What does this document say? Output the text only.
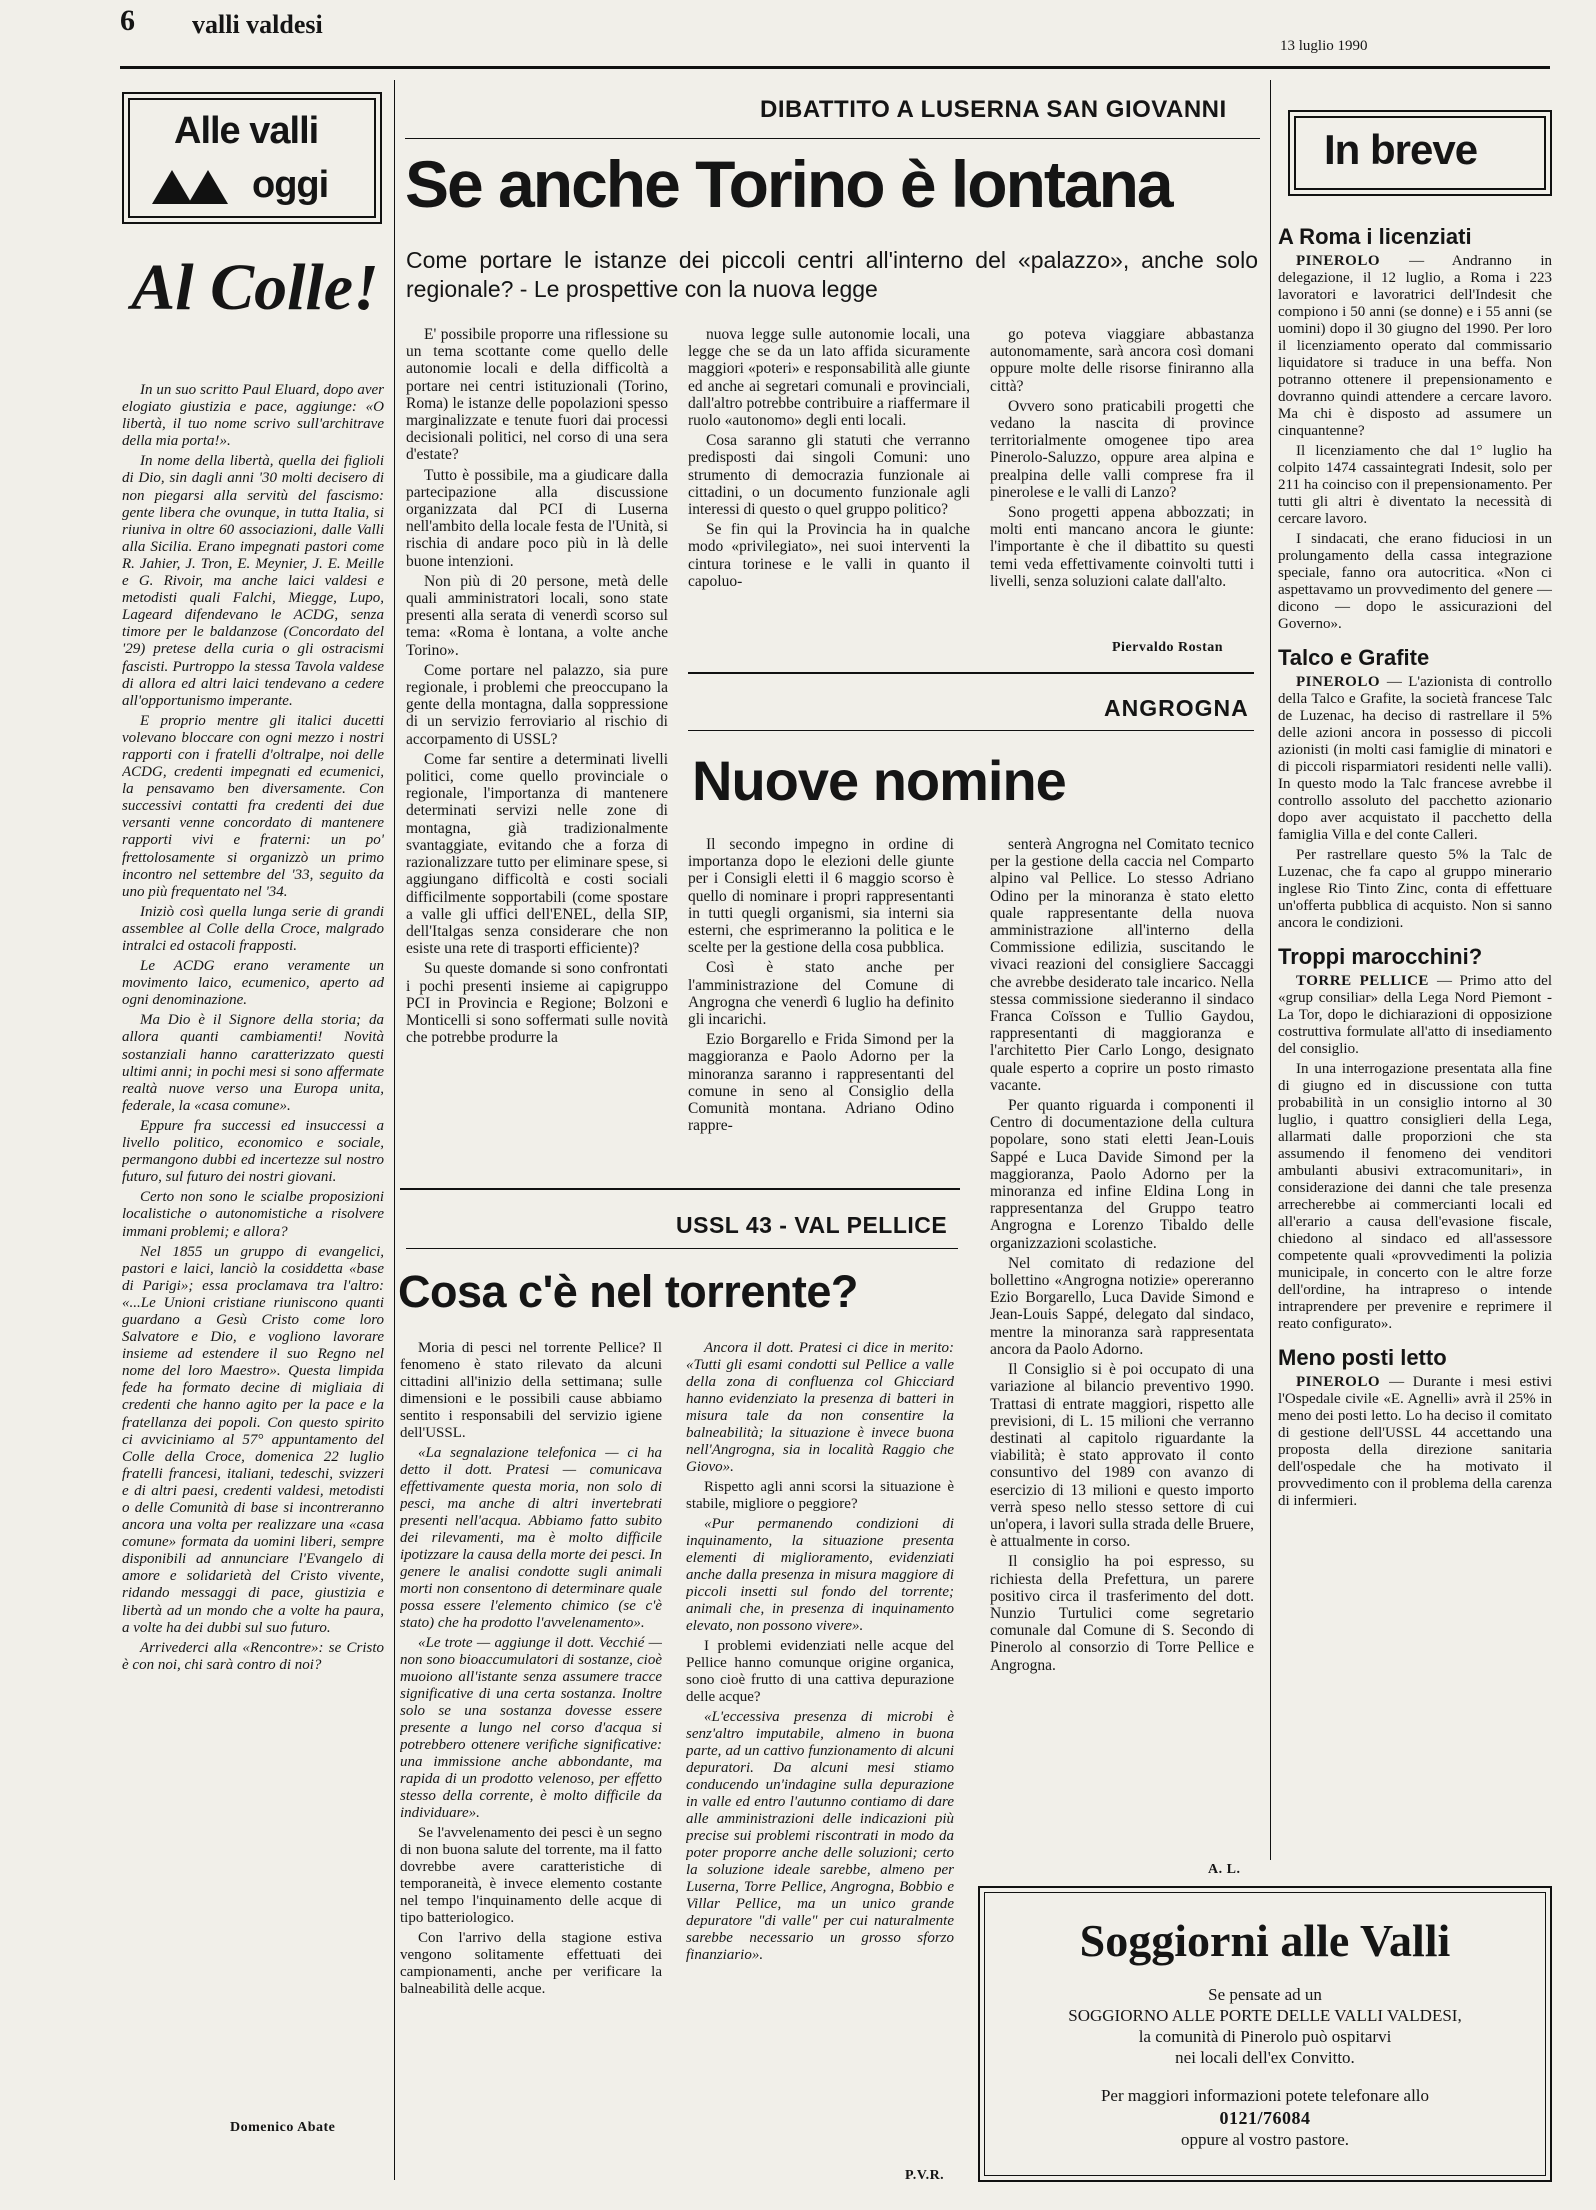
6 valli valdesi
13 luglio 1990
Alle valli
oggi
Al Colle!

In un suo scritto Paul Eluard, dopo aver elogiato giustizia e pace, aggiunge: «O libertà, il tuo nome scrivo sull'architrave della mia porta!».

In nome della libertà, quella dei figlioli di Dio, sin dagli anni '30 molti decisero di non piegarsi alla servitù del fascismo: gente libera che ovunque, in tutta Italia, si riuniva in oltre 60 associazioni, dalle Valli alla Sicilia. Erano impegnati pastori come R. Jahier, J. Tron, E. Meynier, J. E. Meille e G. Rivoir, ma anche laici valdesi e metodisti quali Falchi, Miegge, Lupo, Lageard difendevano le ACDG, senza timore per le baldanzose (Concordato del '29) pretese della curia o gli ostracismi fascisti. Purtroppo la stessa Tavola valdese di allora ed altri laici tendevano a cedere all'opportunismo imperante.

E proprio mentre gli italici ducetti volevano bloccare con ogni mezzo i nostri rapporti con i fratelli d'oltralpe, noi delle ACDG, credenti impegnati ed ecumenici, la pensavamo ben diversamente. Con successivi contatti fra credenti dei due versanti venne concordato di mantenere rapporti vivi e fraterni: un po' frettolosamente si organizzò un primo incontro nel settembre del '33, seguito da uno più frequentato nel '34.

Iniziò così quella lunga serie di grandi assemblee al Colle della Croce, malgrado intralci ed ostacoli frapposti.

Le ACDG erano veramente un movimento laico, ecumenico, aperto ad ogni denominazione.

Ma Dio è il Signore della storia; da allora quanti cambiamenti! Novità sostanziali hanno caratterizzato questi ultimi anni; in pochi mesi si sono affermate realtà nuove verso una Europa unita, federale, la «casa comune».

Eppure fra successi ed insuccessi a livello politico, economico e sociale, permangono dubbi ed incertezze sul nostro futuro, sul futuro dei nostri giovani.

Certo non sono le scialbe proposizioni localistiche o autonomistiche a risolvere immani problemi; e allora?

Nel 1855 un gruppo di evangelici, pastori e laici, lanciò la cosiddetta «base di Parigi»; essa proclamava tra l'altro: «...Le Unioni cristiane riuniscono quanti guardano a Gesù Cristo come loro Salvatore e Dio, e vogliono lavorare insieme ad estendere il suo Regno nel nome del loro Maestro». Questa limpida fede ha formato decine di migliaia di credenti che hanno agito per la pace e la fratellanza dei popoli. Con questo spirito ci avviciniamo al 57° appuntamento del Colle della Croce, domenica 22 luglio fratelli francesi, italiani, tedeschi, svizzeri e di altri paesi, credenti valdesi, metodisti o delle Comunità di base si incontreranno ancora una volta per realizzare una «casa comune» formata da uomini liberi, sempre disponibili ad annunciare l'Evangelo di amore e solidarietà del Cristo vivente, ridando messaggi di pace, giustizia e libertà ad un mondo che a volte ha paura, a volte ha dei dubbi sul suo futuro.

Arrivederci alla «Rencontre»: se Cristo è con noi, chi sarà contro di noi?

Domenico Abate
DIBATTITO A LUSERNA SAN GIOVANNI
Se anche Torino è lontana
Come portare le istanze dei piccoli centri all'interno del «palazzo», anche solo regionale? - Le prospettive con la nuova legge

E' possibile proporre una riflessione su un tema scottante come quello delle autonomie locali e della difficoltà a portare nei centri istituzionali (Torino, Roma) le istanze delle popolazioni spesso marginalizzate e tenute fuori dai processi decisionali politici, nel corso di una sera d'estate?

Tutto è possibile, ma a giudicare dalla partecipazione alla discussione organizzata dal PCI di Luserna nell'ambito della locale festa de l'Unità, si rischia di andare poco più in là delle buone intenzioni.

Non più di 20 persone, metà delle quali amministratori locali, sono state presenti alla serata di venerdì scorso sul tema: «Roma è lontana, a volte anche Torino».

Come portare nel palazzo, sia pure regionale, i problemi che preoccupano la gente della montagna, dalla soppressione di un servizio ferroviario al rischio di accorpamento di USSL?

Come far sentire a determinati livelli politici, come quello provinciale o regionale, l'importanza di mantenere determinati servizi nelle zone di montagna, già tradizionalmente svantaggiate, evitando che a forza di razionalizzare tutto per eliminare spese, si aggiungano difficoltà e costi sociali difficilmente sopportabili (come spostare a valle gli uffici dell'ENEL, della SIP, dell'Italgas senza considerare che non esiste una rete di trasporti efficiente)?

Su queste domande si sono confrontati i pochi presenti insieme ai capigruppo PCI in Provincia e Regione; Bolzoni e Monticelli si sono soffermati sulle novità che potrebbe produrre la

nuova legge sulle autonomie locali, una legge che se da un lato affida sicuramente maggiori «poteri» e responsabilità alle giunte ed anche ai segretari comunali e provinciali, dall'altro potrebbe contribuire a riaffermare il ruolo «autonomo» degli enti locali.

Cosa saranno gli statuti che verranno predisposti dai singoli Comuni: uno strumento di democrazia funzionale ai cittadini, o un documento funzionale agli interessi di questo o quel gruppo politico?

Se fin qui la Provincia ha in qualche modo «privilegiato», nei suoi interventi la cintura torinese e le valli in quanto il capoluo-

go poteva viaggiare abbastanza autonomamente, sarà ancora così domani oppure molte delle risorse finiranno alla città?

Ovvero sono praticabili progetti che vedano la nascita di province territorialmente omogenee tipo area Pinerolo-Saluzzo, oppure area alpina e prealpina delle valli comprese fra il pinerolese e le valli di Lanzo?

Sono progetti appena abbozzati; in molti enti mancano ancora le giunte: l'importante è che il dibattito su questi temi veda effettivamente coinvolti tutti i livelli, senza soluzioni calate dall'alto.

Piervaldo Rostan
ANGROGNA
Nuove nomine

Il secondo impegno in ordine di importanza dopo le elezioni delle giunte per i Consigli eletti il 6 maggio scorso è quello di nominare i propri rappresentanti in tutti quegli organismi, sia interni sia esterni, che esprimeranno la politica e le scelte per la gestione della cosa pubblica.

Così è stato anche per l'amministrazione del Comune di Angrogna che venerdì 6 luglio ha definito gli incarichi.

Ezio Borgarello e Frida Simond per la maggioranza e Paolo Adorno per la minoranza saranno i rappresentanti del comune in seno al Consiglio della Comunità montana. Adriano Odino rappre-

senterà Angrogna nel Comitato tecnico per la gestione della caccia nel Comparto alpino val Pellice. Lo stesso Adriano Odino per la minoranza è stato eletto quale rappresentante della nuova amministrazione all'interno della Commissione edilizia, suscitando le vivaci reazioni del consigliere Saccaggi che avrebbe desiderato tale incarico. Nella stessa commissione siederanno il sindaco Franca Coïsson e Tullio Gaydou, rappresentanti di maggioranza e l'architetto Pier Carlo Longo, designato quale esperto a coprire un posto rimasto vacante.

Per quanto riguarda i componenti il Centro di documentazione della cultura popolare, sono stati eletti Jean-Louis Sappé e Luca Davide Simond per la maggioranza, Paolo Adorno per la minoranza ed infine Eldina Long in rappresentanza del Gruppo teatro Angrogna e Lorenzo Tibaldo delle organizzazioni scolastiche.

Nel comitato di redazione del bollettino «Angrogna notizie» opereranno Ezio Borgarello, Luca Davide Simond e Jean-Louis Sappé, delegato dal sindaco, mentre la minoranza sarà rappresentata ancora da Paolo Adorno.

Il Consiglio si è poi occupato di una variazione al bilancio preventivo 1990. Trattasi di entrate maggiori, rispetto alle previsioni, di L. 15 milioni che verranno destinati al capitolo riguardante la viabilità; è stato approvato il conto consuntivo del 1989 con avanzo di esercizio di 13 milioni e questo importo verrà speso nello stesso settore di cui un'opera, i lavori sulla strada delle Bruere, è attualmente in corso.

Il consiglio ha poi espresso, su richiesta della Prefettura, un parere positivo circa il trasferimento del dott. Nunzio Turtulici come segretario comunale dal Comune di S. Secondo di Pinerolo al consorzio di Torre Pellice e Angrogna.

A. L.
USSL 43 - VAL PELLICE
Cosa c'è nel torrente?

Moria di pesci nel torrente Pellice? Il fenomeno è stato rilevato da alcuni cittadini all'inizio della settimana; sulle dimensioni e le possibili cause abbiamo sentito i responsabili del servizio igiene dell'USSL.

«La segnalazione telefonica — ci ha detto il dott. Pratesi — comunicava effettivamente questa moria, non solo di pesci, ma anche di altri invertebrati presenti nell'acqua. Abbiamo fatto subito dei rilevamenti, ma è molto difficile ipotizzare la causa della morte dei pesci. In genere le analisi condotte sugli animali morti non consentono di determinare quale possa essere l'elemento chimico (se c'è stato) che ha prodotto l'avvelenamento».

«Le trote — aggiunge il dott. Vecchié — non sono bioaccumulatori di sostanze, cioè muoiono all'istante senza assumere tracce significative di una certa sostanza. Inoltre solo se una sostanza dovesse essere presente a lungo nel corso d'acqua si potrebbero ottenere verifiche significative: una immissione anche abbondante, ma rapida di un prodotto velenoso, per effetto stesso della corrente, è molto difficile da individuare».

Se l'avvelenamento dei pesci è un segno di non buona salute del torrente, ma il fatto dovrebbe avere caratteristiche di temporaneità, è invece elemento costante nel tempo l'inquinamento delle acque di tipo batteriologico.

Con l'arrivo della stagione estiva vengono solitamente effettuati dei campionamenti, anche per verificare la balneabilità delle acque.

Ancora il dott. Pratesi ci dice in merito: «Tutti gli esami condotti sul Pellice a valle della zona di confluenza col Ghicciard hanno evidenziato la presenza di batteri in misura tale da non consentire la balneabilità; la situazione è invece buona nell'Angrogna, sia in località Raggio che Giovo».

Rispetto agli anni scorsi la situazione è stabile, migliore o peggiore?

«Pur permanendo condizioni di inquinamento, la situazione presenta elementi di miglioramento, evidenziati anche dalla presenza in misura maggiore di piccoli insetti sul fondo del torrente; animali che, in presenza di inquinamento elevato, non possono vivere».

I problemi evidenziati nelle acque del Pellice hanno comunque origine organica, sono cioè frutto di una cattiva depurazione delle acque?

«L'eccessiva presenza di microbi è senz'altro imputabile, almeno in buona parte, ad un cattivo funzionamento di alcuni depuratori. Da alcuni mesi stiamo conducendo un'indagine sulla depurazione in valle ed entro l'autunno contiamo di dare alle amministrazioni delle indicazioni più precise sui problemi riscontrati in modo da poter proporre anche delle soluzioni; certo la soluzione ideale sarebbe, almeno per Luserna, Torre Pellice, Angrogna, Bobbio e Villar Pellice, ma un unico grande depuratore "di valle" per cui naturalmente sarebbe necessario un grosso sforzo finanziario».

P.V.R.
In breve
A Roma i licenziati

PINEROLO — Andranno in delegazione, il 12 luglio, a Roma i 223 lavoratori e lavoratrici dell'Indesit che compiono i 50 anni (se donne) e i 55 anni (se uomini) dopo il 30 giugno del 1990. Per loro il licenziamento operato dal commissario liquidatore si traduce in una beffa. Non potranno ottenere il prepensionamento e dovranno quindi attendere a cercare lavoro. Ma chi è disposto ad assumere un cinquantenne?

Il licenziamento che dal 1° luglio ha colpito 1474 cassaintegrati Indesit, solo per 211 ha coinciso con il prepensionamento. Per tutti gli altri è diventato la necessità di cercare lavoro.

I sindacati, che erano fiduciosi in un prolungamento della cassa integrazione speciale, fanno ora autocritica. «Non ci aspettavamo un provvedimento del genere — dicono — dopo le assicurazioni del Governo».

Talco e Grafite

PINEROLO — L'azionista di controllo della Talco e Grafite, la società francese Talc de Luzenac, ha deciso di rastrellare il 5% delle azioni ancora in possesso di piccoli azionisti (in molti casi famiglie di minatori e di piccoli risparmiatori residenti nelle valli). In questo modo la Talc francese avrebbe il controllo assoluto del pacchetto azionario dopo aver acquistato il pacchetto della famiglia Villa e del conte Calleri.

Per rastrellare questo 5% la Talc de Luzenac, che fa capo al gruppo minerario inglese Rio Tinto Zinc, conta di effettuare un'offerta pubblica di acquisto. Non si sanno ancora le condizioni.

Troppi marocchini?

TORRE PELLICE — Primo atto del «grup consiliar» della Lega Nord Piemont - La Tor, dopo le dichiarazioni di opposizione costruttiva formulate all'atto di insediamento del consiglio.

In una interrogazione presentata alla fine di giugno ed in discussione con tutta probabilità in un consiglio intorno al 30 luglio, i quattro consiglieri della Lega, allarmati dalle proporzioni che sta assumendo il fenomeno dei venditori ambulanti abusivi extracomunitari», in considerazione dei danni che tale presenza arrecherebbe ai commercianti locali ed all'erario a causa dell'evasione fiscale, chiedono al sindaco ed all'assessore competente quali «provvedimenti la polizia municipale, in concerto con le altre forze dell'ordine, ha intrapreso o intende intraprendere per prevenire e reprimere il reato configurato».

Meno posti letto

PINEROLO — Durante i mesi estivi l'Ospedale civile «E. Agnelli» avrà il 25% in meno dei posti letto. Lo ha deciso il comitato di gestione dell'USSL 44 accettando una proposta della direzione sanitaria dell'ospedale che ha motivato il provvedimento con il problema della carenza di infermieri.

Soggiorni alle Valli
Se pensate ad un
SOGGIORNO ALLE PORTE DELLE VALLI VALDESI,
la comunità di Pinerolo può ospitarvi
nei locali dell'ex Convitto.
Per maggiori informazioni potete telefonare allo
0121/76084
oppure al vostro pastore.
